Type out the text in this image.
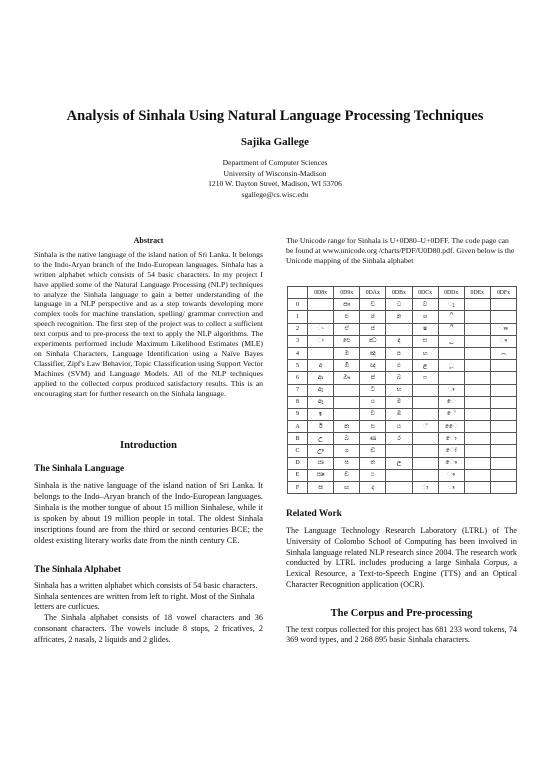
Analysis of Sinhala Using Natural Language Processing Techniques
Sajika Gallege
Department of Computer Sciences
University of Wisconsin-Madison
1210 W. Dayton Street, Madison, WI 53706
sgallege@cs.wisc.edu
Abstract

Sinhala is the native language of the island nation of Sri Lanka. It belongs to the Indo-Aryan branch of the Indo-European languages. Sinhala has a written alphabet which consists of 54 basic characters. In my project I have applied some of the Natural Language Processing (NLP) techniques to analyze the Sinhala language to gain a better understanding of the language in a NLP perspective and as a step towards developing more complex tools for machine translation, spelling/ grammar correction and speech recognition. The first step of the project was to collect a sufficient text corpus and to pre-process the text to apply the NLP algorithms. The experiments performed include Maximum Likelihood Estimates (MLE) on Sinhala Characters, Language Identification using a Naïve Bayes Classifier, Zipf's Law Behavior, Topic Classification using Support Vector Machines (SVM) and Language Models. All of the NLP techniques applied to the collected corpus produced satisfactory results. This is an encouraging start for further research on the Sinhala language.

Introduction
The Sinhala Language

Sinhala is the native language of the island nation of Sri Lanka. It belongs to the Indo–Aryan branch of the Indo-European languages. Sinhala is the mother tongue of about 15 million Sinhalese, while it is spoken by about 19 million people in total. The oldest Sinhala inscriptions found are from the third or second centuries BCE; the oldest existing literary works date from the ninth century CE.

The Sinhala Alphabet

Sinhala has a written alphabet which consists of 54 basic characters. Sinhala sentences are written from left to right. Most of the Sinhala letters are curlicues.

The Sinhala alphabet consists of 18 vowel characters and 36 consonant characters. The vowels include 8 stops, 2 fricatives, 2 affricates, 2 nasals, 2 liquids and 2 glides.

The Unicode range for Sinhala is U+0D80–U+0DFF. The code page can be found at www.unicode.org /charts/PDF/U0D80.pdf. Given below is the Unicode mapping of the Sinhala alphabet

	0D8x	0D9x	0DAx	0DBx	0DCx	0DDx	0DEx	0DFx
0		ඐ	ච	ධ	ව	ෑ		
1		එ	ඡ	න	ශ	ි		
2	ං	ඒ	ජ		ෂ	ී		ෲ
3	ඃ	ඓ	ඣ	ඳ	ස	ු		ෳ
4		ඔ	ඤ	ප	හ			෴
5	අ	ඕ	ඥ	ඵ	ළ	ූ		
6	ආ	ඖ	ඦ	බ	ෆ			
7	ඇ		ට	භ		ෘ		
8	ඈ		ඨ	ම		ෙ		
9	ඉ		ඩ	ඹ		ේ		
A	ඊ	ක	ඪ	ය	්	ෛ		
B	උ	ඛ	ණ	ර		ො		
C	ඌ	ග	ඬ			ෝ		
D	ඍ	ඝ	ත	ල		ෞ		
E	ඎ	ඞ	ථ			ෟ		
F	ඏ	ඟ	ද		ා	ෘ		
Related Work

The Language Technology Research Laboratory (LTRL) of The University of Colombo School of Computing has been involved in Sinhala language related NLP research since 2004. The research work conducted by LTRL includes producing a large Sinhala Corpus, a Lexical Resource, a Text-to-Speech Engine (TTS) and an Optical Character Recognition application (OCR).

The Corpus and Pre-processing

The text corpus collected for this project has 681 233 word tokens, 74 369 word types, and 2 268 895 basic Sinhala characters.
